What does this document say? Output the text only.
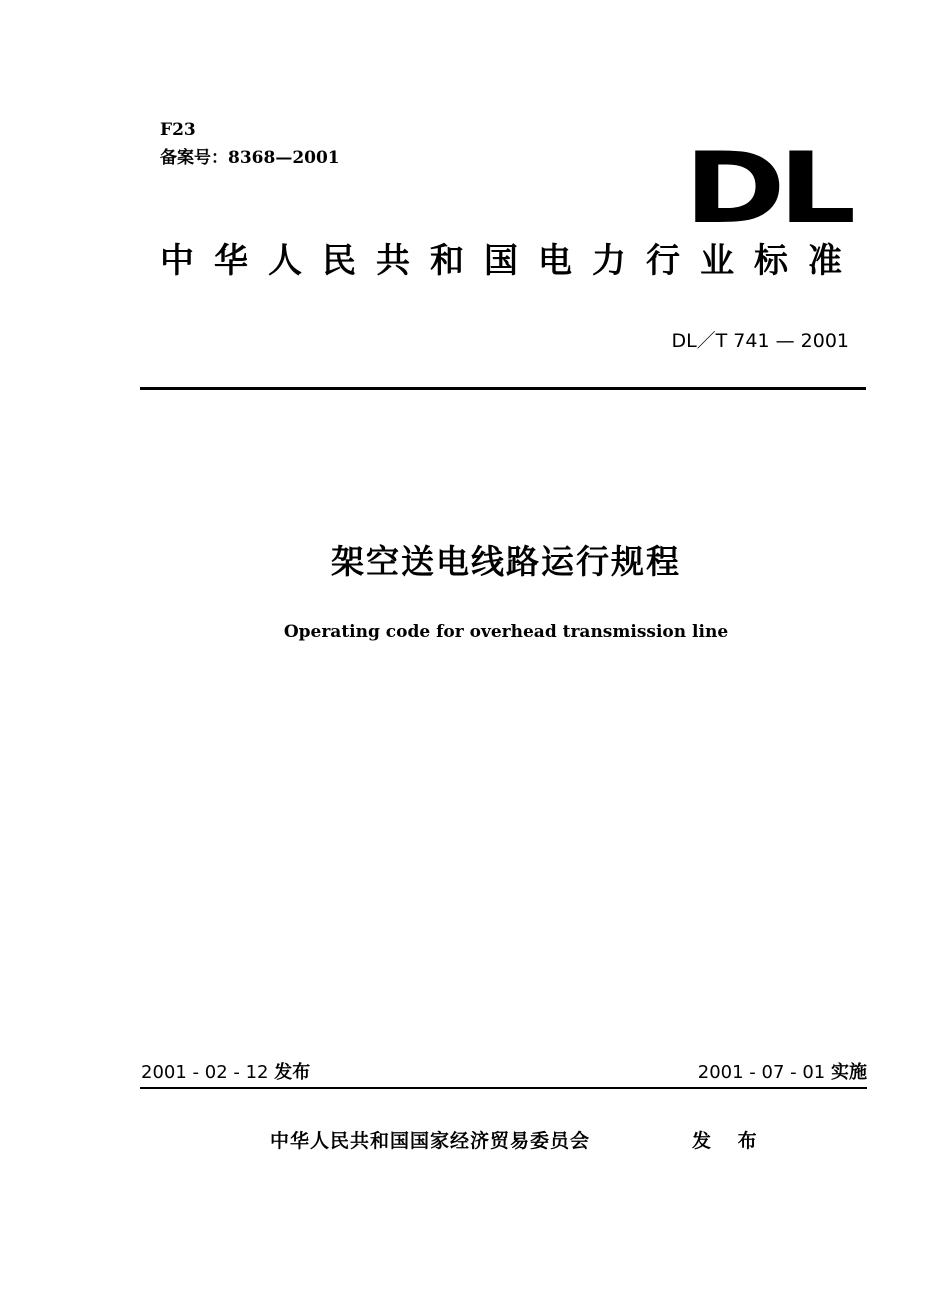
F23
备案号：8368—2001	DL
中华人民共和国电力行业标准
DL／T 741 — 2001
架空送电线路运行规程
Operating code for overhead transmission line
2001 - 02 - 12 发布	2001 - 07 - 01 实施
中华人民共和国国家经济贸易委员会	发 布
